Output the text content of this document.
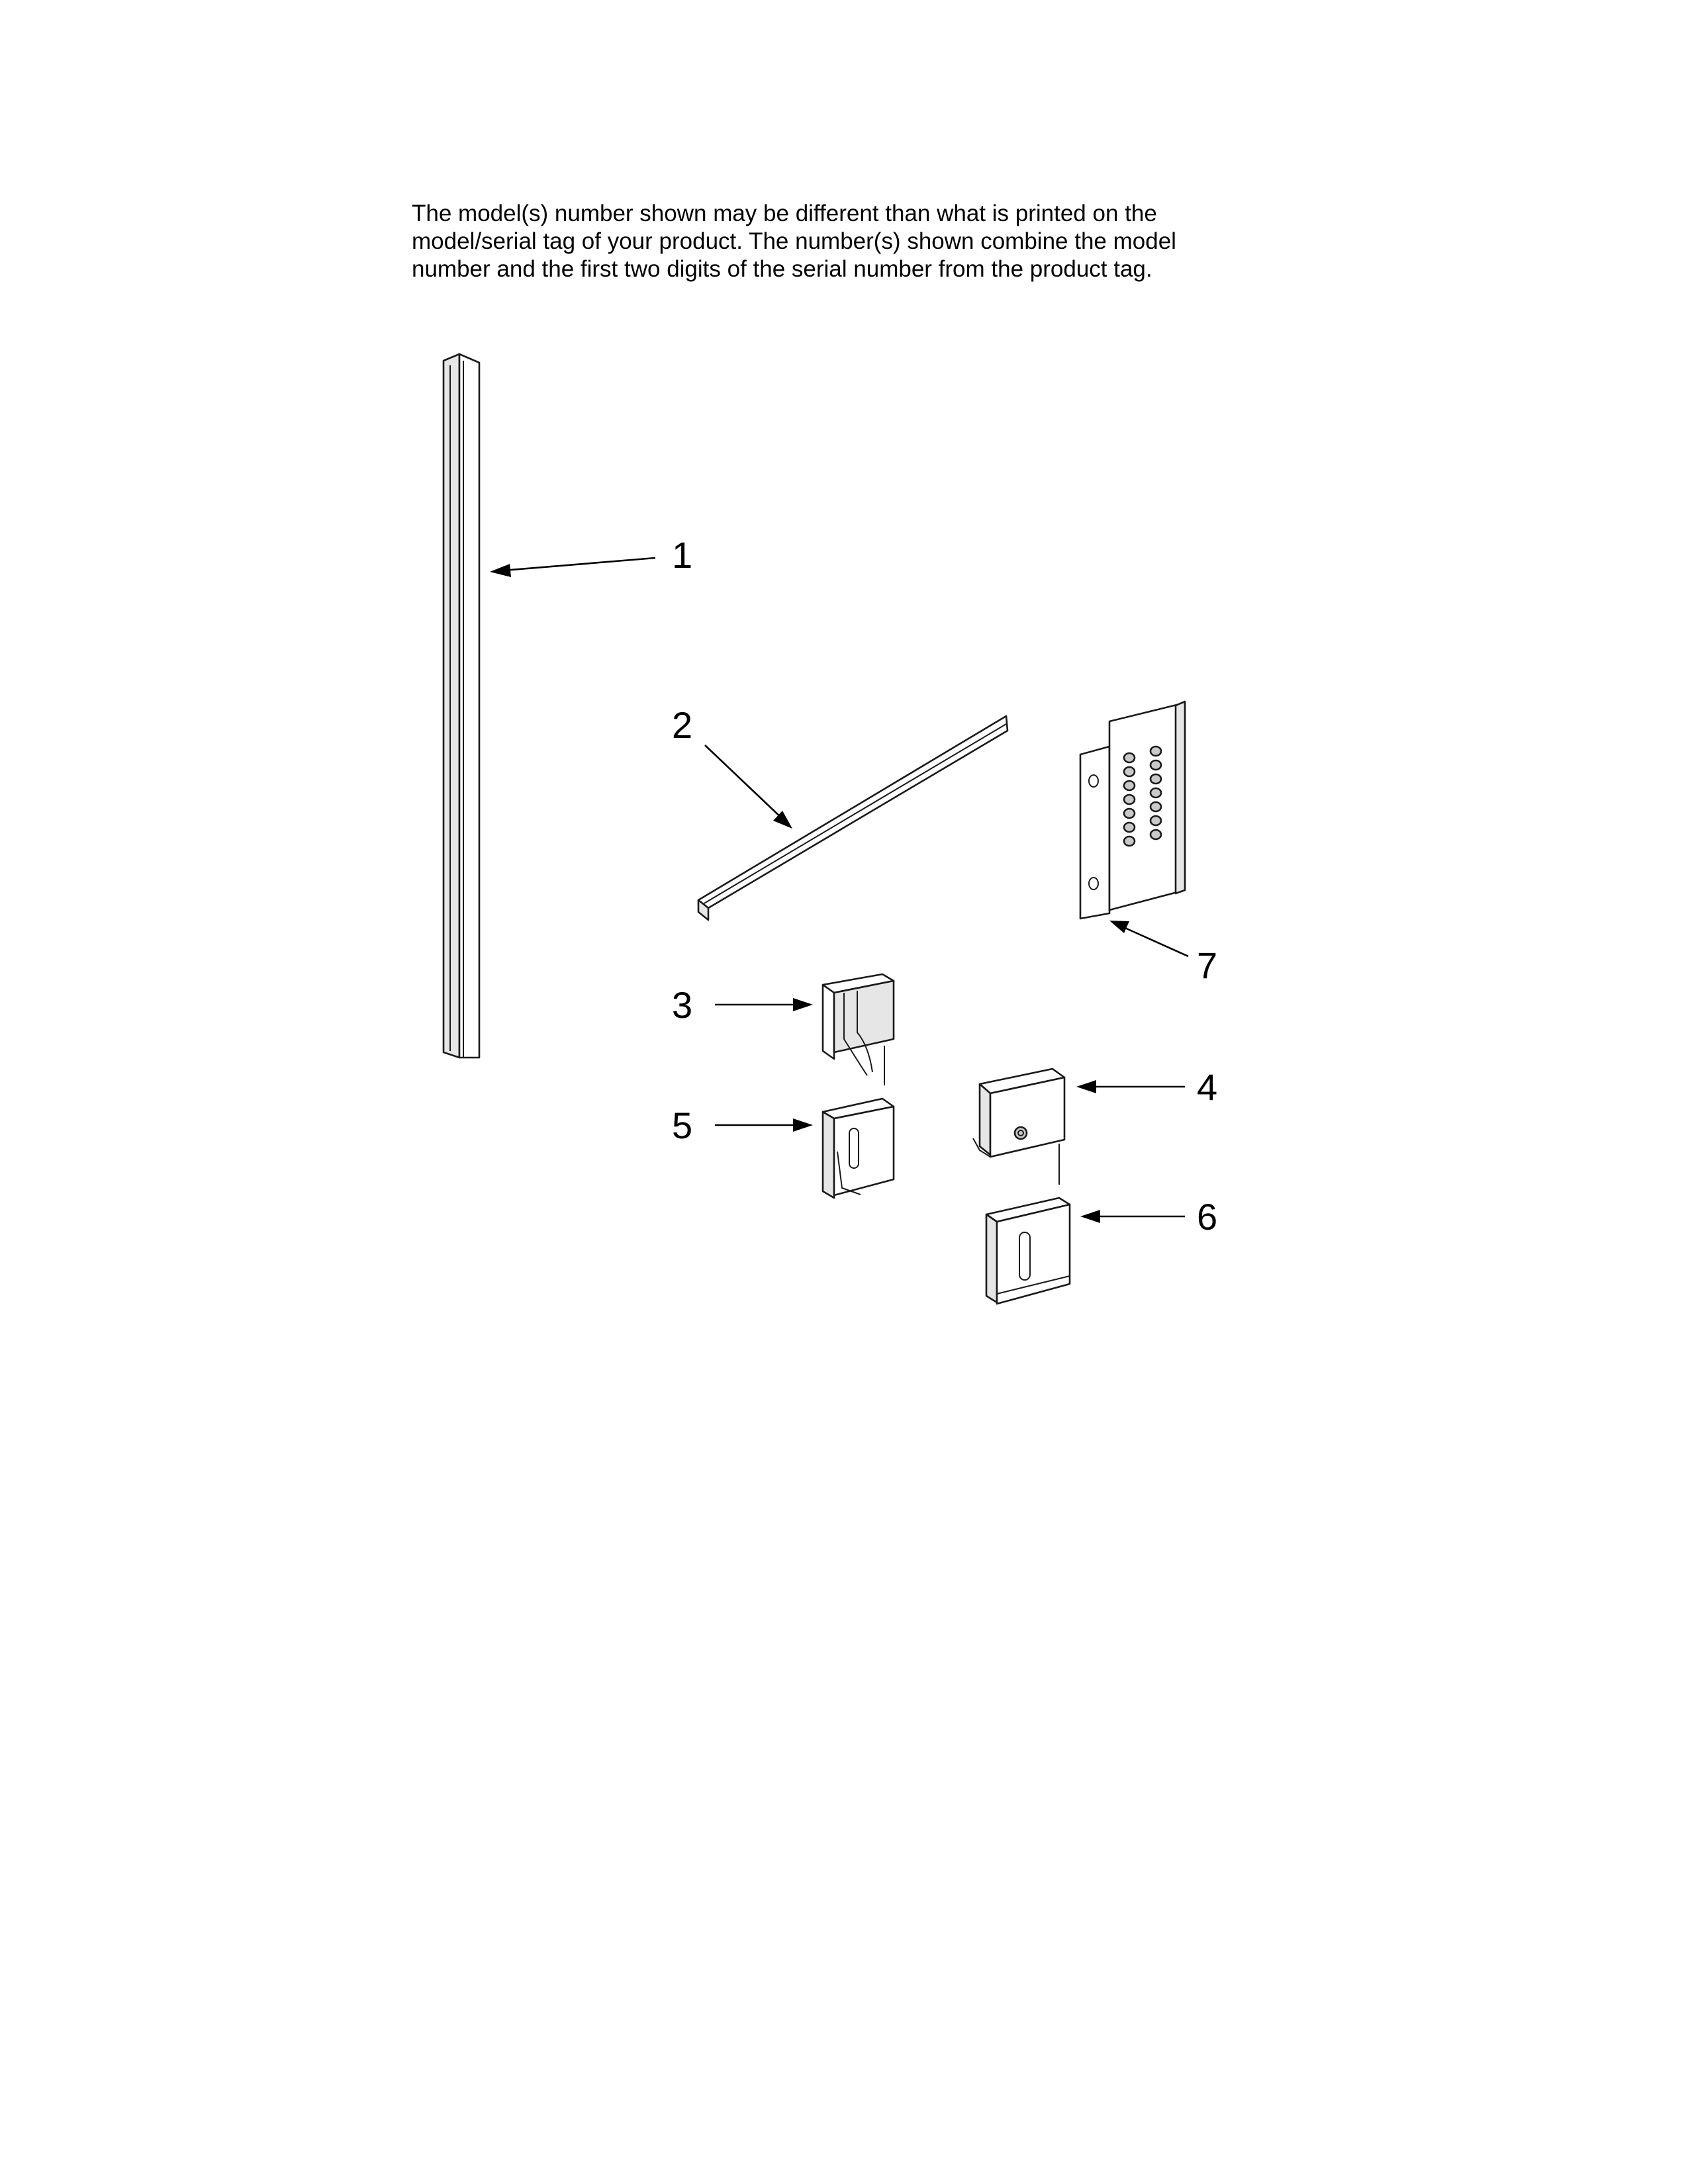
The model(s) number shown may be different than what is printed on the
model/serial tag of your product. The number(s) shown combine the model
number and the first two digits of the serial number from the product tag.
1
2
3
5
7
4
6
